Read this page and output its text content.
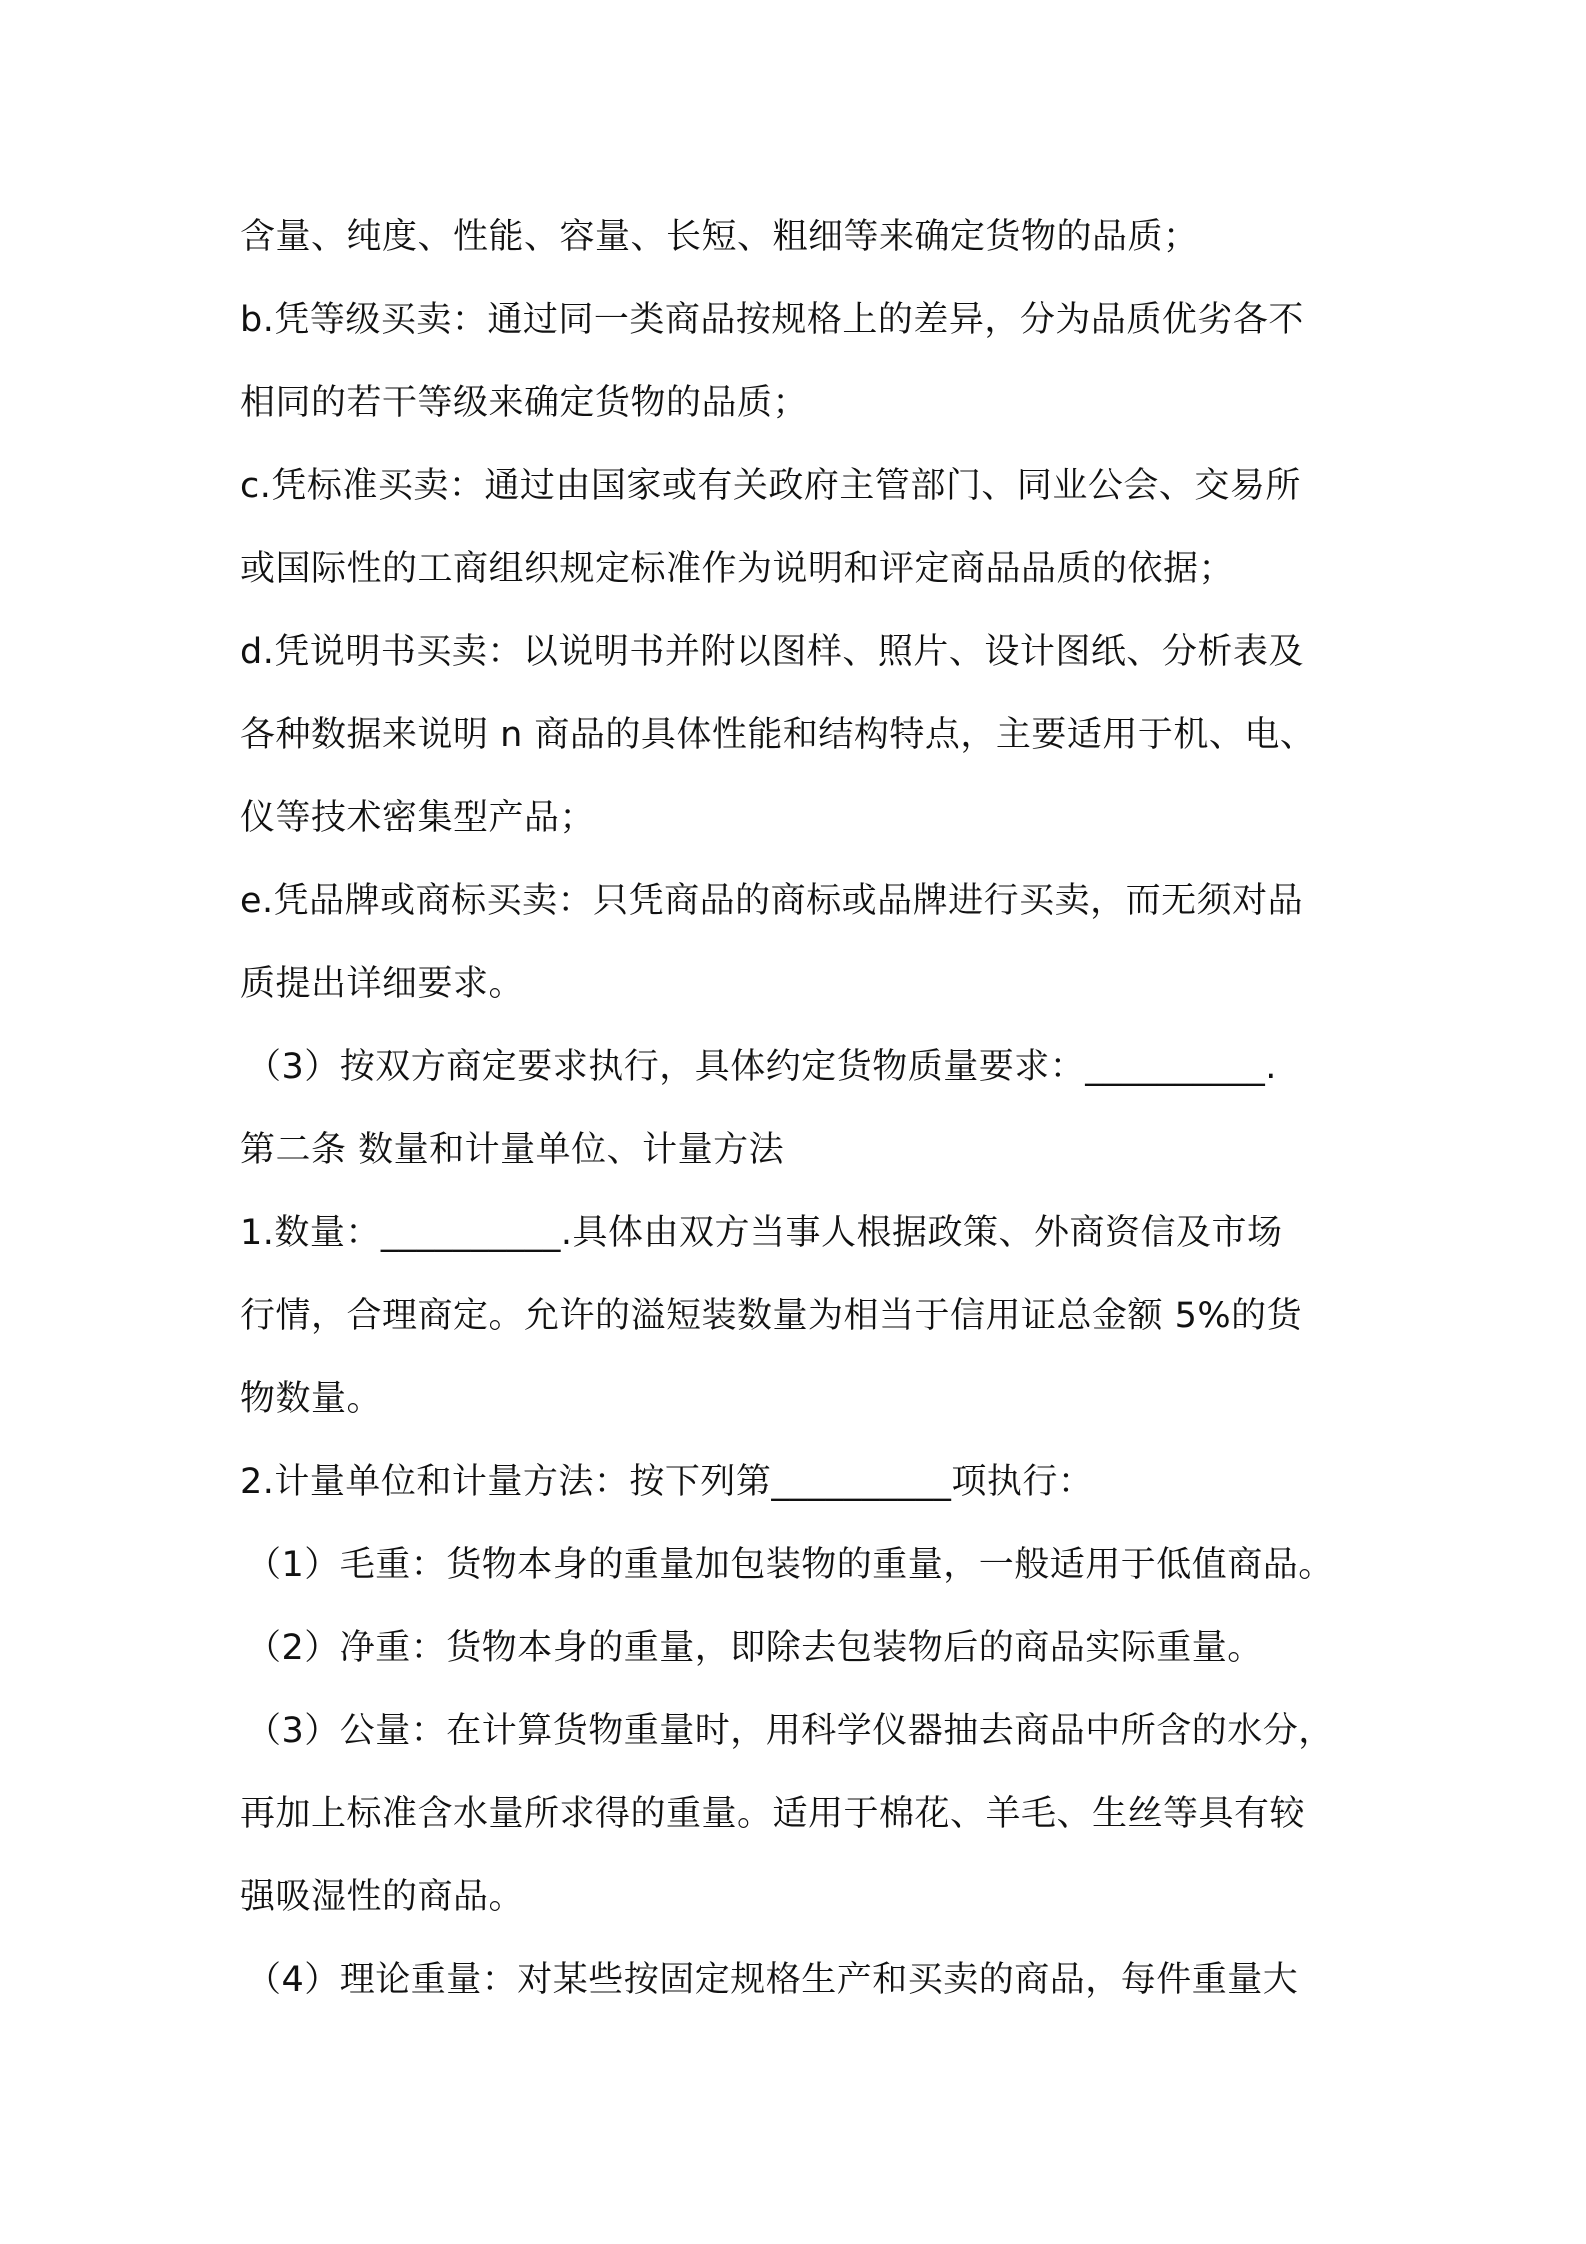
含量、纯度、性能、容量、长短、粗细等来确定货物的品质；
b.凭等级买卖：通过同一类商品按规格上的差异，分为品质优劣各不
相同的若干等级来确定货物的品质；
c.凭标准买卖：通过由国家或有关政府主管部门、同业公会、交易所
或国际性的工商组织规定标准作为说明和评定商品品质的依据；
d.凭说明书买卖：以说明书并附以图样、照片、设计图纸、分析表及
各种数据来说明 n 商品的具体性能和结构特点，主要适用于机、电、
仪等技术密集型产品；
e.凭品牌或商标买卖：只凭商品的商标或品牌进行买卖，而无须对品
质提出详细要求。
（3）按双方商定要求执行，具体约定货物质量要求：__________.
第二条 数量和计量单位、计量方法
1.数量：__________.具体由双方当事人根据政策、外商资信及市场
行情，合理商定。允许的溢短装数量为相当于信用证总金额 5%的货
物数量。
2.计量单位和计量方法：按下列第__________项执行：
（1）毛重：货物本身的重量加包装物的重量，一般适用于低值商品。
（2）净重：货物本身的重量，即除去包装物后的商品实际重量。
（3）公量：在计算货物重量时，用科学仪器抽去商品中所含的水分，
再加上标准含水量所求得的重量。适用于棉花、羊毛、生丝等具有较
强吸湿性的商品。
（4）理论重量：对某些按固定规格生产和买卖的商品，每件重量大
